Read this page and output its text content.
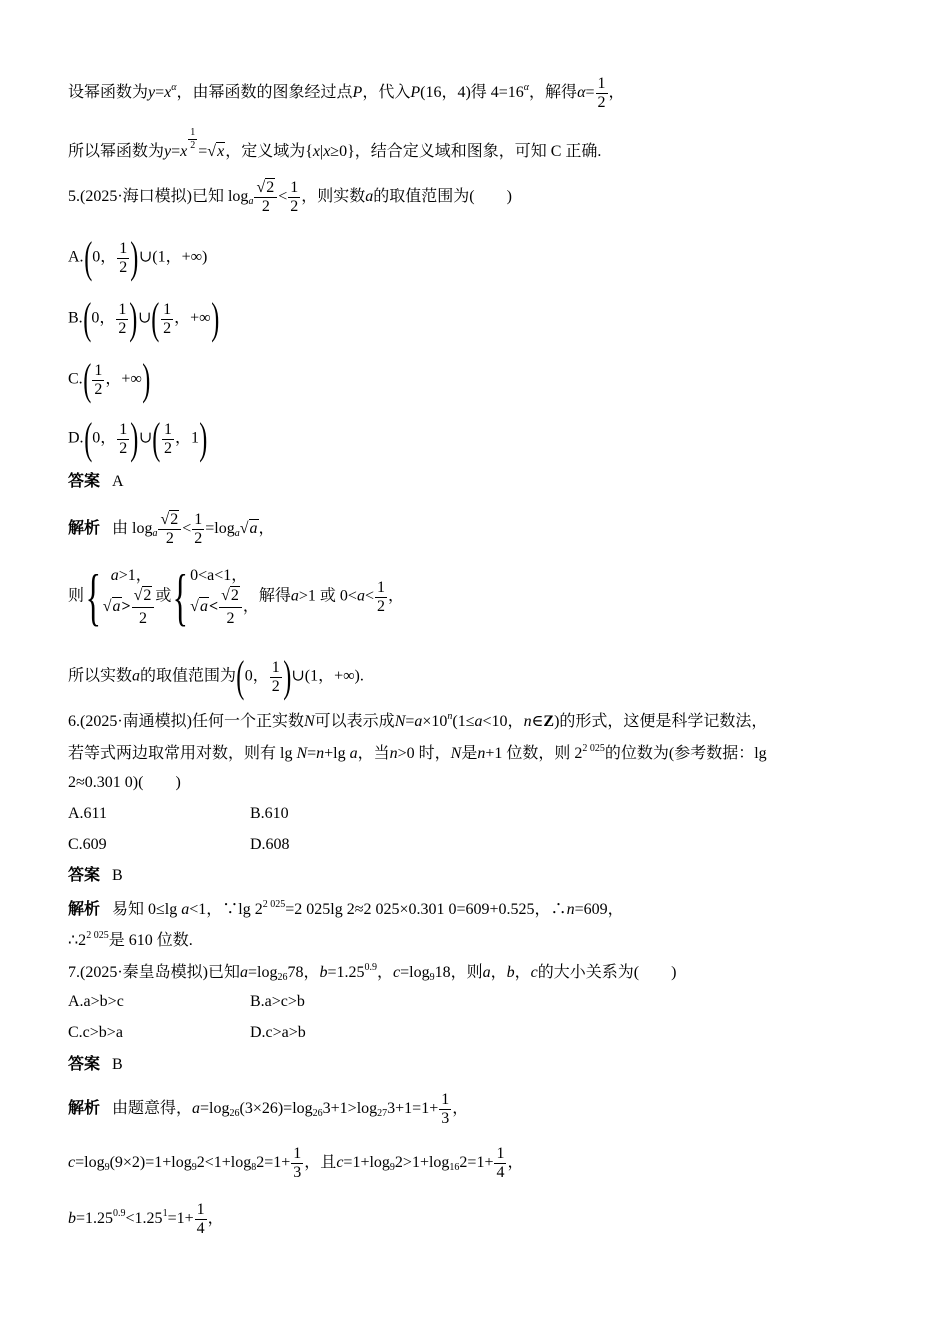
设幂函数为$y=x^\alpha$，由幂函数的图象经过点P，代入P(16，4)得 $4=16^\alpha$，解得$\alpha= \frac{1}{2}$ ，
所以幂函数为y=x
$\frac{1}{2}$
=√x，定义域为{x|x≥0}，结合定义域和图象，可知 C 正确.
5.(2025·海口模拟)已知 $\log_a \frac{√2}{2} < \frac{1}{2}$ ，则实数a的取值范围为(　　)
A.(0， $\frac{1}{2}$ )∪(1，+∞)
B.(0， $\frac{1}{2}$ )∪( $\frac{1}{2}$ ，+∞)
$C.( \frac{1}{2}$ ，+∞)
D.(0， $\frac{1}{2}$ )∪( $\frac{1}{2}$ ，1)
答案 A
解析 由 $\log_a \frac{√2}{2} < \frac{1}{2} =\log_a√a$，
则{ a>1，
$√a> \frac{√2}{2}$ 或{ 0<a<1，
$√a< \frac{√2}{2}$ ，
解得a>1 或 $0<a< \frac{1}{2}$ ，
所以实数a的取值范围为(0， $\frac{1}{2}$ )∪(1，+∞).
6.(2025·南通模拟)任何一个正实数N可以表示成$N=a\times 10^n(1\le a<10$，n∈Z)的形式，这便是科学记数法，
若等式两边取常用对数，则有 lg N=n+lg a，当n>0 时，N是n+1 位数，则 $2^{2 025}$的位数为(参考数据：lg
2≈0.301 0)(　　)
A.611	B.610
C.609	D.608
答案 B
解析 易知 0≤lg a<1，∵lg $2^{2 025}=2$ 025lg 2≈2 025×0.301 0=609+0.525，∴n=609，
$\therefore 2^{2 025}$是 610 位数.
7.(2025·秦皇岛模拟)已知$a=\log_{26}78$，$b=1.25^{0.9}$，$c=\log_918$，则a，b，c的大小关系为(　　)
A.a>b>c	B.a>c>b
C.c>b>a	D.c>a>b
答案 B
解析 由题意得，$a=\log_{26}(3\times 26)=\log_{26}3+1>\log_{27}3+1=1+ \frac{1}{3}$ ，
$c=\log_9(9\times 2)=1+\log_92<1+\log_82=1+ \frac{1}{3}$ ，且$c=1+\log_92>1+\log_{16}2=1+ \frac{1}{4}$ ，
$b=1.25^{0.9}<1.25^1=1+ \frac{1}{4}$ ，
